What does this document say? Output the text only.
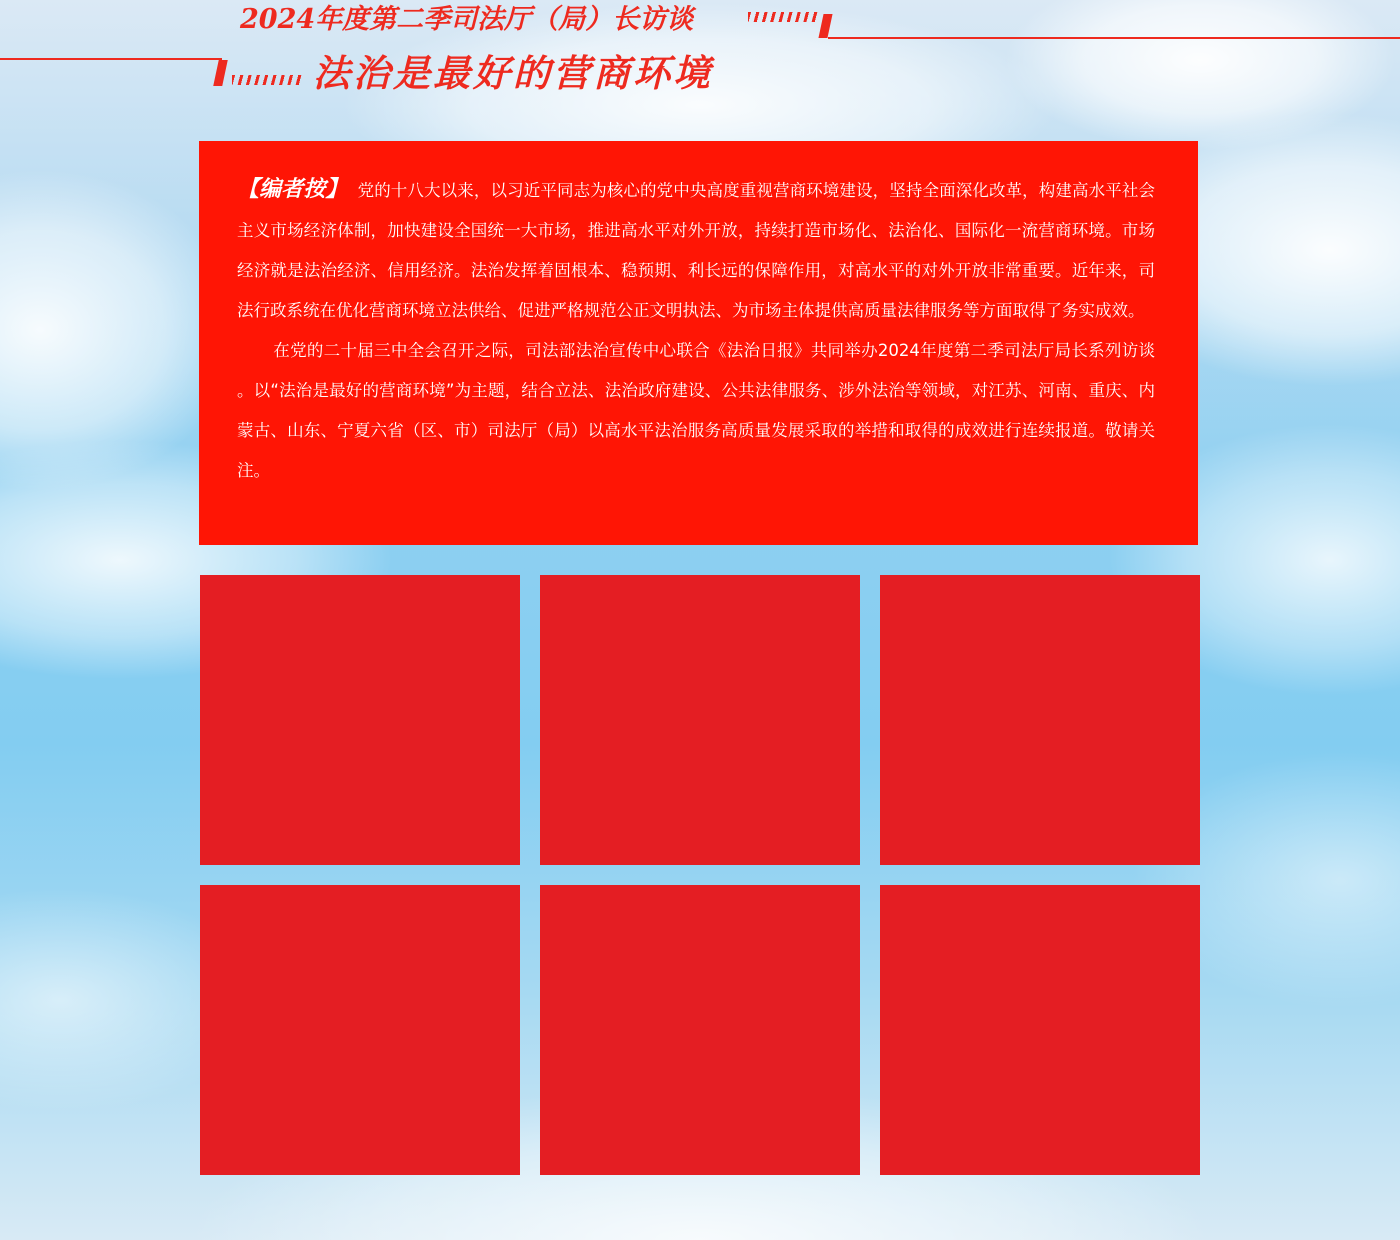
2024年度第二季司法厅（局）长访谈
法治是最好的营商环境

【编者按】 党的十八大以来，以习近平同志为核心的党中央高度重视营商环境建设，坚持全面深化改革，构建高水平社会主义市场经济体制，加快建设全国统一大市场，推进高水平对外开放，持续打造市场化、法治化、国际化一流营商环境。市场经济就是法治经济、信用经济。法治发挥着固根本、稳预期、利长远的保障作用，对高水平的对外开放非常重要。近年来，司法行政系统在优化营商环境立法供给、促进严格规范公正文明执法、为市场主体提供高质量法律服务等方面取得了务实成效。

在党的二十届三中全会召开之际，司法部法治宣传中心联合《法治日报》共同举办2024年度第二季司法厅局长系列访谈 。以“法治是最好的营商环境”为主题，结合立法、法治政府建设、公共法律服务、涉外法治等领域，对江苏、河南、重庆、内蒙古、山东、宁夏六省（区、市）司法厅（局）以高水平法治服务高质量发展采取的举措和取得的成效进行连续报道。敬请关注。
